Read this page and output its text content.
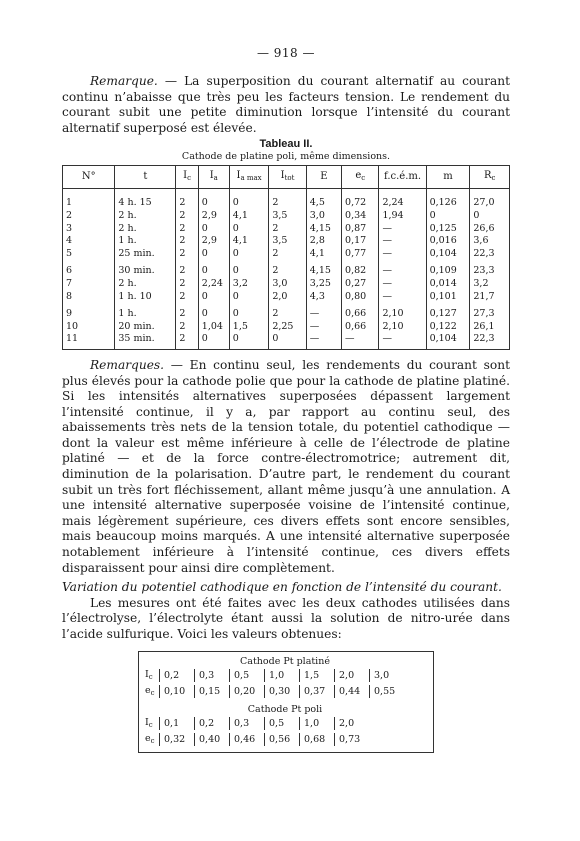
— 918 —

Remarque. — La superposition du courant alternatif au courant continu n’abaisse que très peu les facteurs tension. Le rendement du courant subit une petite diminution lorsque l’intensité du courant alternatif superposé est élevée.

Tableau II.
Cathode de platine poli, même dimensions.
N°	t	$I_c$	$I_a$	$I_{a max}$	$I_{tot}$	E	$e_c$	f.c.é.m.	m	$R_c$
1	4 h. 15	2	0	0	2	4,5	0,72	2,24	0,126	27,0
2	2 h.	2	2,9	4,1	3,5	3,0	0,34	1,94	0	0
3	2 h.	2	0	0	2	4,15	0,87	—	0,125	26,6
4	1 h.	2	2,9	4,1	3,5	2,8	0,17	—	0,016	3,6
5	25 min.	2	0	0	2	4,1	0,77	—	0,104	22,3
6	30 min.	2	0	0	2	4,15	0,82	—	0,109	23,3
7	2 h.	2	2,24	3,2	3,0	3,25	0,27	—	0,014	3,2
8	1 h. 10	2	0	0	2,0	4,3	0,80	—	0,101	21,7
9	1 h.	2	0	0	2	—	0,66	2,10	0,127	27,3
10	20 min.	2	1,04	1,5	2,25	—	0,66	2,10	0,122	26,1
11	35 min.	2	0	0	0	—	—	—	0,104	22,3

Remarques. — En continu seul, les rendements du courant sont plus élevés pour la cathode polie que pour la cathode de platine platiné. Si les intensités alternatives superposées dépassent largement l’intensité continue, il y a, par rapport au continu seul, des abaissements très nets de la tension totale, du potentiel cathodique — dont la valeur est même inférieure à celle de l’électrode de platine platiné — et de la force contre-électromotrice; autrement dit, diminution de la polarisation. D’autre part, le rendement du courant subit un très fort fléchissement, allant même jusqu’à une annulation. A une intensité alternative superposée voisine de l’intensité continue, mais légèrement supérieure, ces divers effets sont encore sensibles, mais beaucoup moins marqués. A une intensité alternative superposée notablement inférieure à l’intensité continue, ces divers effets disparaissent pour ainsi dire complètement.

Variation du potentiel cathodique en fonction de l’intensité du courant.

Les mesures ont été faites avec les deux cathodes utilisées dans l’électrolyse, l’électrolyte étant aussi la solution de nitro-urée dans l’acide sulfurique. Voici les valeurs obtenues:

Cathode Pt platiné
$I_c$	0,2	0,3	0,5	1,0	1,5	2,0	3,0
$e_c$ 0,10	0,15	0,20	0,30	0,37	0,44	0,55
Cathode Pt poli
$I_c$	0,1	0,2	0,3	0,5	1,0	2,0
$e_c$ 0,32	0,40	0,46	0,56	0,68	0,73
